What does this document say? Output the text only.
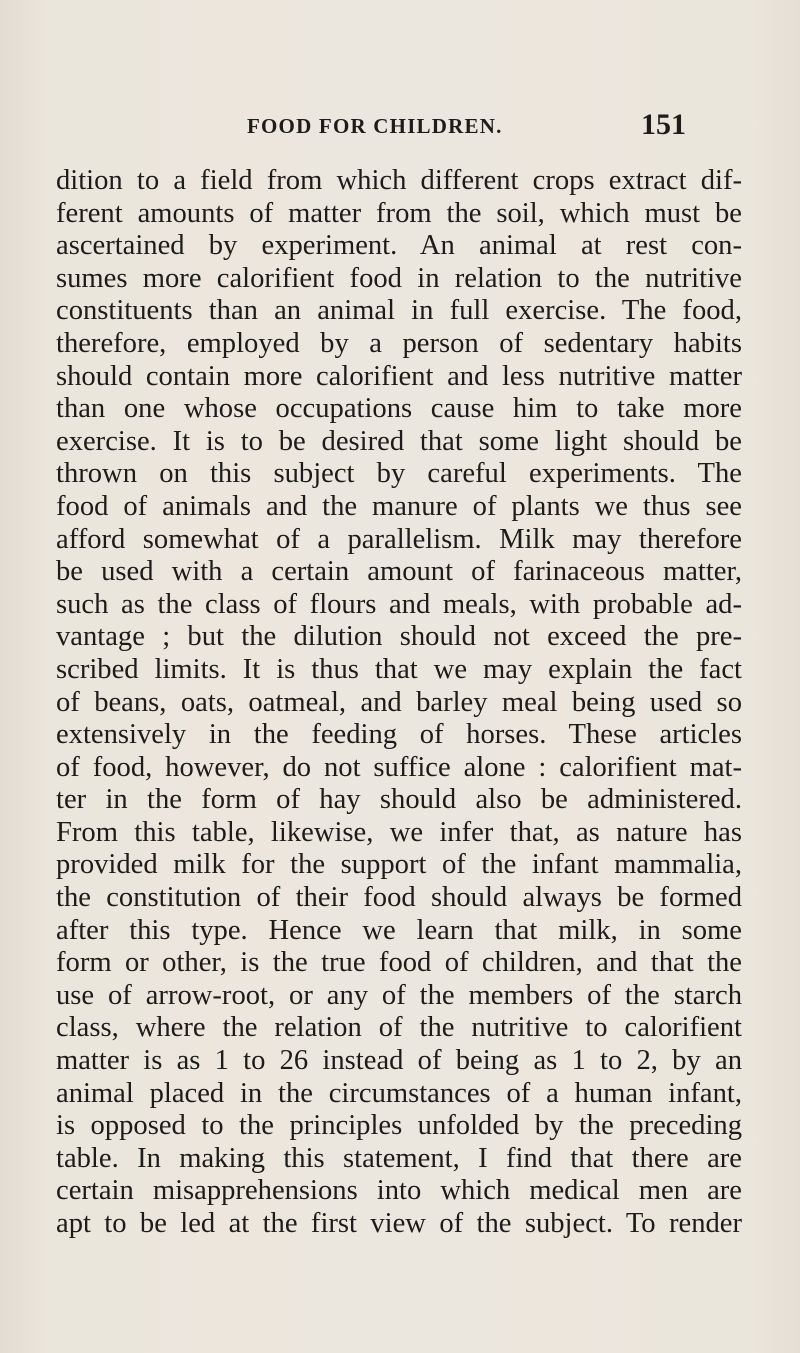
FOOD FOR CHILDREN.	151
dition to a field from which different crops extract dif-
ferent amounts of matter from the soil, which must be
ascertained by experiment. An animal at rest con-
sumes more calorifient food in relation to the nutritive
constituents than an animal in full exercise. The food,
therefore, employed by a person of sedentary habits
should contain more calorifient and less nutritive matter
than one whose occupations cause him to take more
exercise. It is to be desired that some light should be
thrown on this subject by careful experiments. The
food of animals and the manure of plants we thus see
afford somewhat of a parallelism. Milk may therefore
be used with a certain amount of farinaceous matter,
such as the class of flours and meals, with probable ad-
vantage ; but the dilution should not exceed the pre-
scribed limits. It is thus that we may explain the fact
of beans, oats, oatmeal, and barley meal being used so
extensively in the feeding of horses. These articles
of food, however, do not suffice alone : calorifient mat-
ter in the form of hay should also be administered.
From this table, likewise, we infer that, as nature has
provided milk for the support of the infant mammalia,
the constitution of their food should always be formed
after this type. Hence we learn that milk, in some
form or other, is the true food of children, and that the
use of arrow-root, or any of the members of the starch
class, where the relation of the nutritive to calorifient
matter is as 1 to 26 instead of being as 1 to 2, by an
animal placed in the circumstances of a human infant,
is opposed to the principles unfolded by the preceding
table. In making this statement, I find that there are
certain misapprehensions into which medical men are
apt to be led at the first view of the subject. To render
